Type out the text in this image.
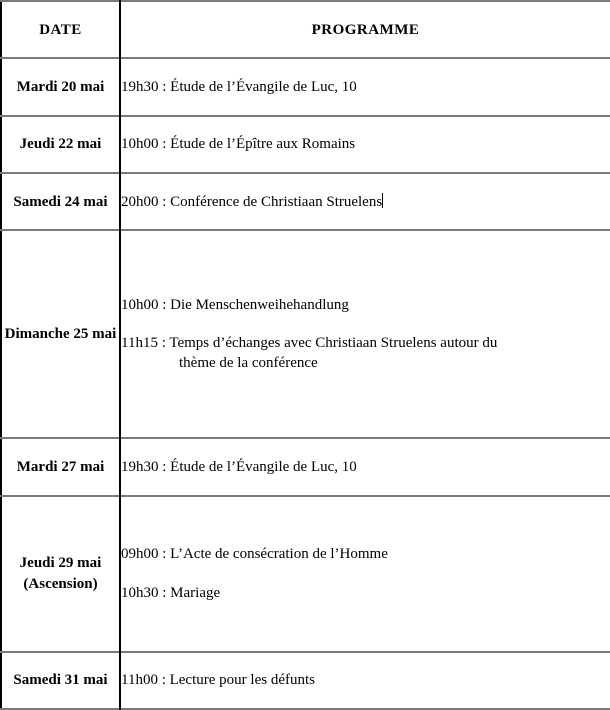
DATE	PROGRAMME
Mardi 20 mai	19h30 : Étude de l’Évangile de Luc, 10

Jeudi 22 mai	10h00 : Étude de l’Épître aux Romains

Samedi 24 mai	20h00 : Conférence de Christiaan Struelens

Dimanche 25 mai	10h00 : Die Menschenweihehandlung
11h15 : Temps d’échanges avec Christiaan Struelens autour du
thème de la conférence

Mardi 27 mai	19h30 : Étude de l’Évangile de Luc, 10

Jeudi 29 mai (Ascension)	09h00 : L’Acte de consécration de l’Homme
10h30 : Mariage

Samedi 31 mai	11h00 : Lecture pour les défunts
